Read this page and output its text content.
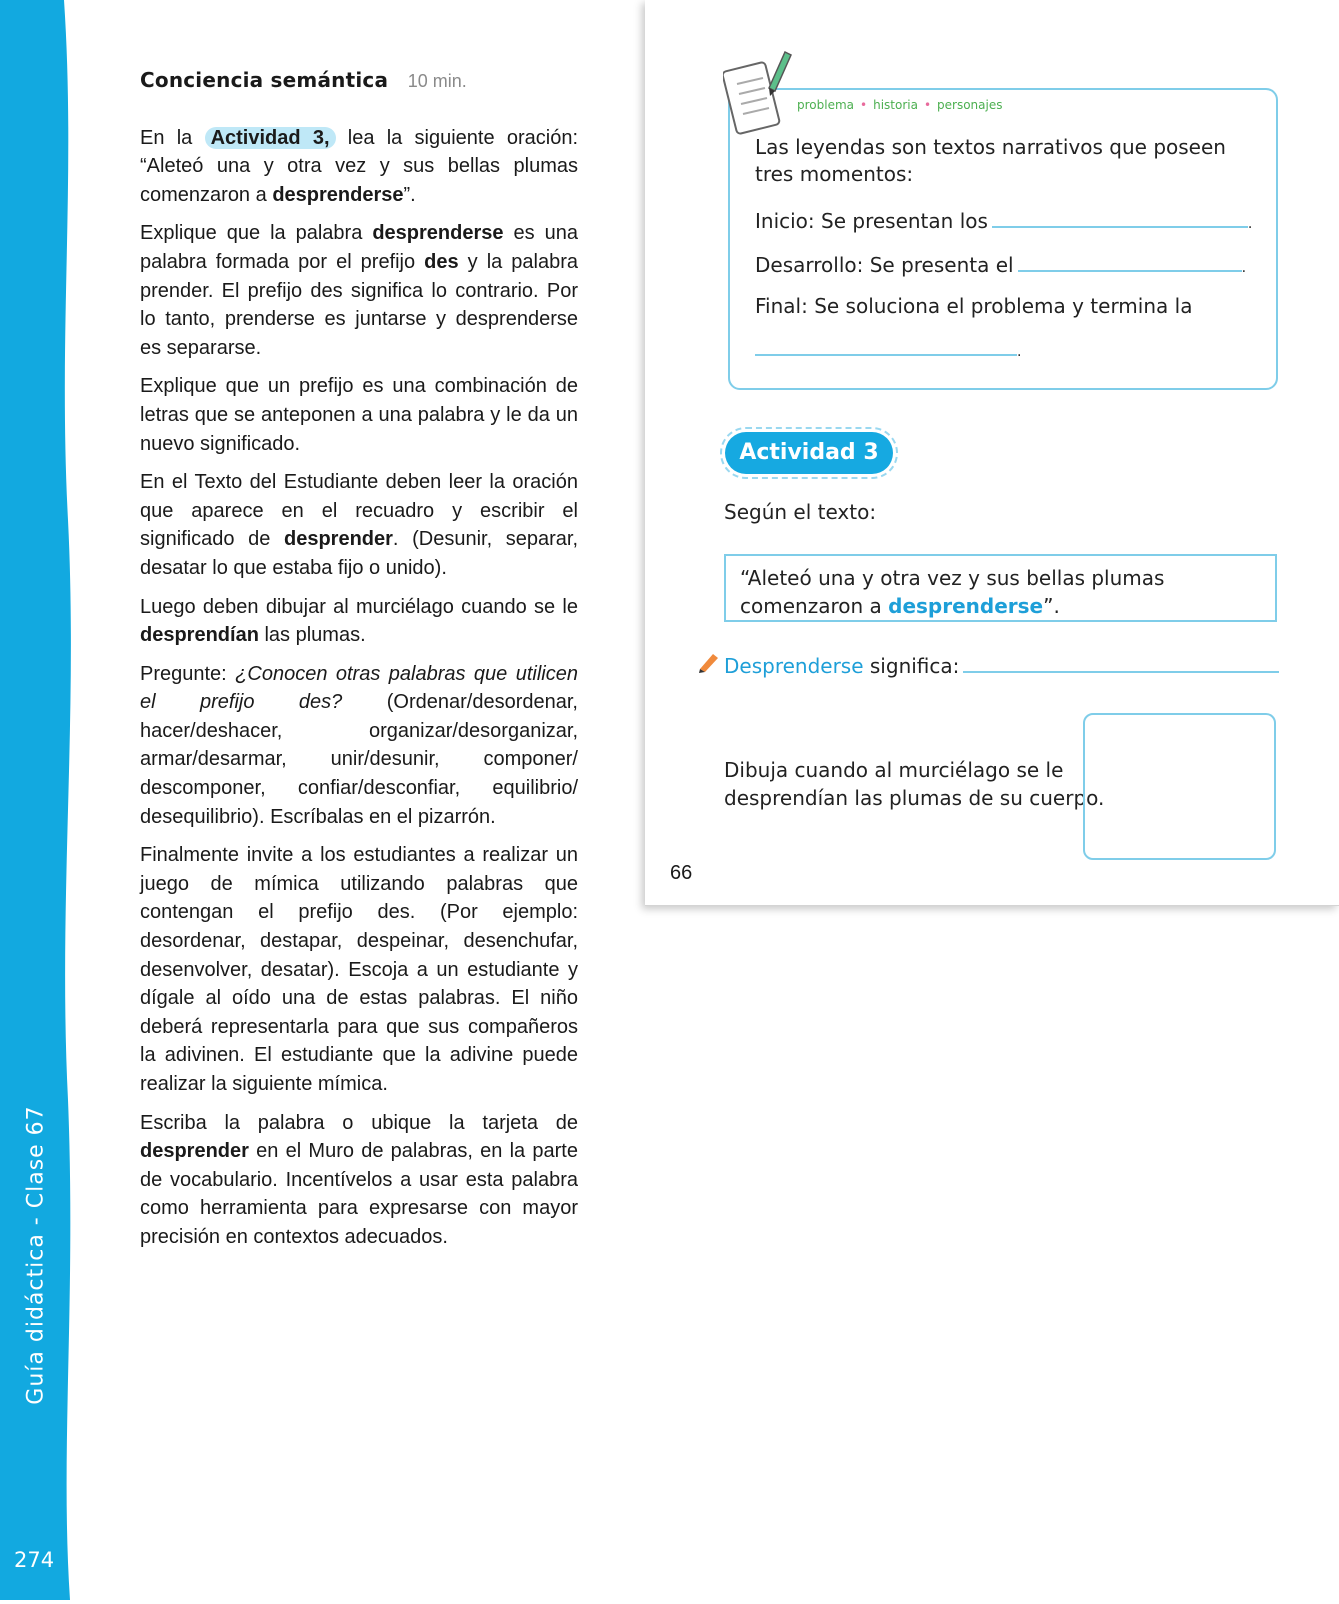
Guía didáctica - Clase 67
274
Conciencia semántica 10 min.

En la Actividad 3, lea la siguiente oración: “Aleteó una y otra vez y sus bellas plumas comenzaron a desprenderse”.

Explique que la palabra desprenderse es una palabra formada por el prefijo des y la palabra prender. El prefijo des significa lo contrario. Por lo tanto, prenderse es juntarse y desprenderse es separarse.

Explique que un prefijo es una combinación de letras que se anteponen a una palabra y le da un nuevo significado.

En el Texto del Estudiante deben leer la oración que aparece en el recuadro y escribir el significado de desprender. (Desunir, separar, desatar lo que estaba fijo o unido).

Luego deben dibujar al murciélago cuando se le desprendían las plumas.

Pregunte: ¿Conocen otras palabras que utilicen el prefijo des? (Ordenar/desordenar, hacer/deshacer, organizar/desorganizar, armar/desarmar, unir/desunir, componer/ descomponer, confiar/desconfiar, equilibrio/ desequilibrio). Escríbalas en el pizarrón.

Finalmente invite a los estudiantes a realizar un juego de mímica utilizando palabras que contengan el prefijo des. (Por ejemplo: desordenar, destapar, despeinar, desenchufar, desenvolver, desatar). Escoja a un estudiante y dígale al oído una de estas palabras. El niño deberá representarla para que sus compañeros la adivinen. El estudiante que la adivine puede realizar la siguiente mímica.

Escriba la palabra o ubique la tarjeta de desprender en el Muro de palabras, en la parte de vocabulario. Incentívelos a usar esta palabra como herramienta para expresarse con mayor precisión en contextos adecuados.

problema • historia • personajes
Las leyendas son textos narrativos que poseen tres momentos:
Inicio: Se presentan los	.
Desarrollo: Se presenta el	.
Final: Se soluciona el problema y termina la
.
Actividad 3
Según el texto:
“Aleteó una y otra vez y sus bellas plumas comenzaron a desprenderse”.
Desprenderse significa:
Dibuja cuando al murciélago se le
desprendían las plumas de su cuerpo.
66
